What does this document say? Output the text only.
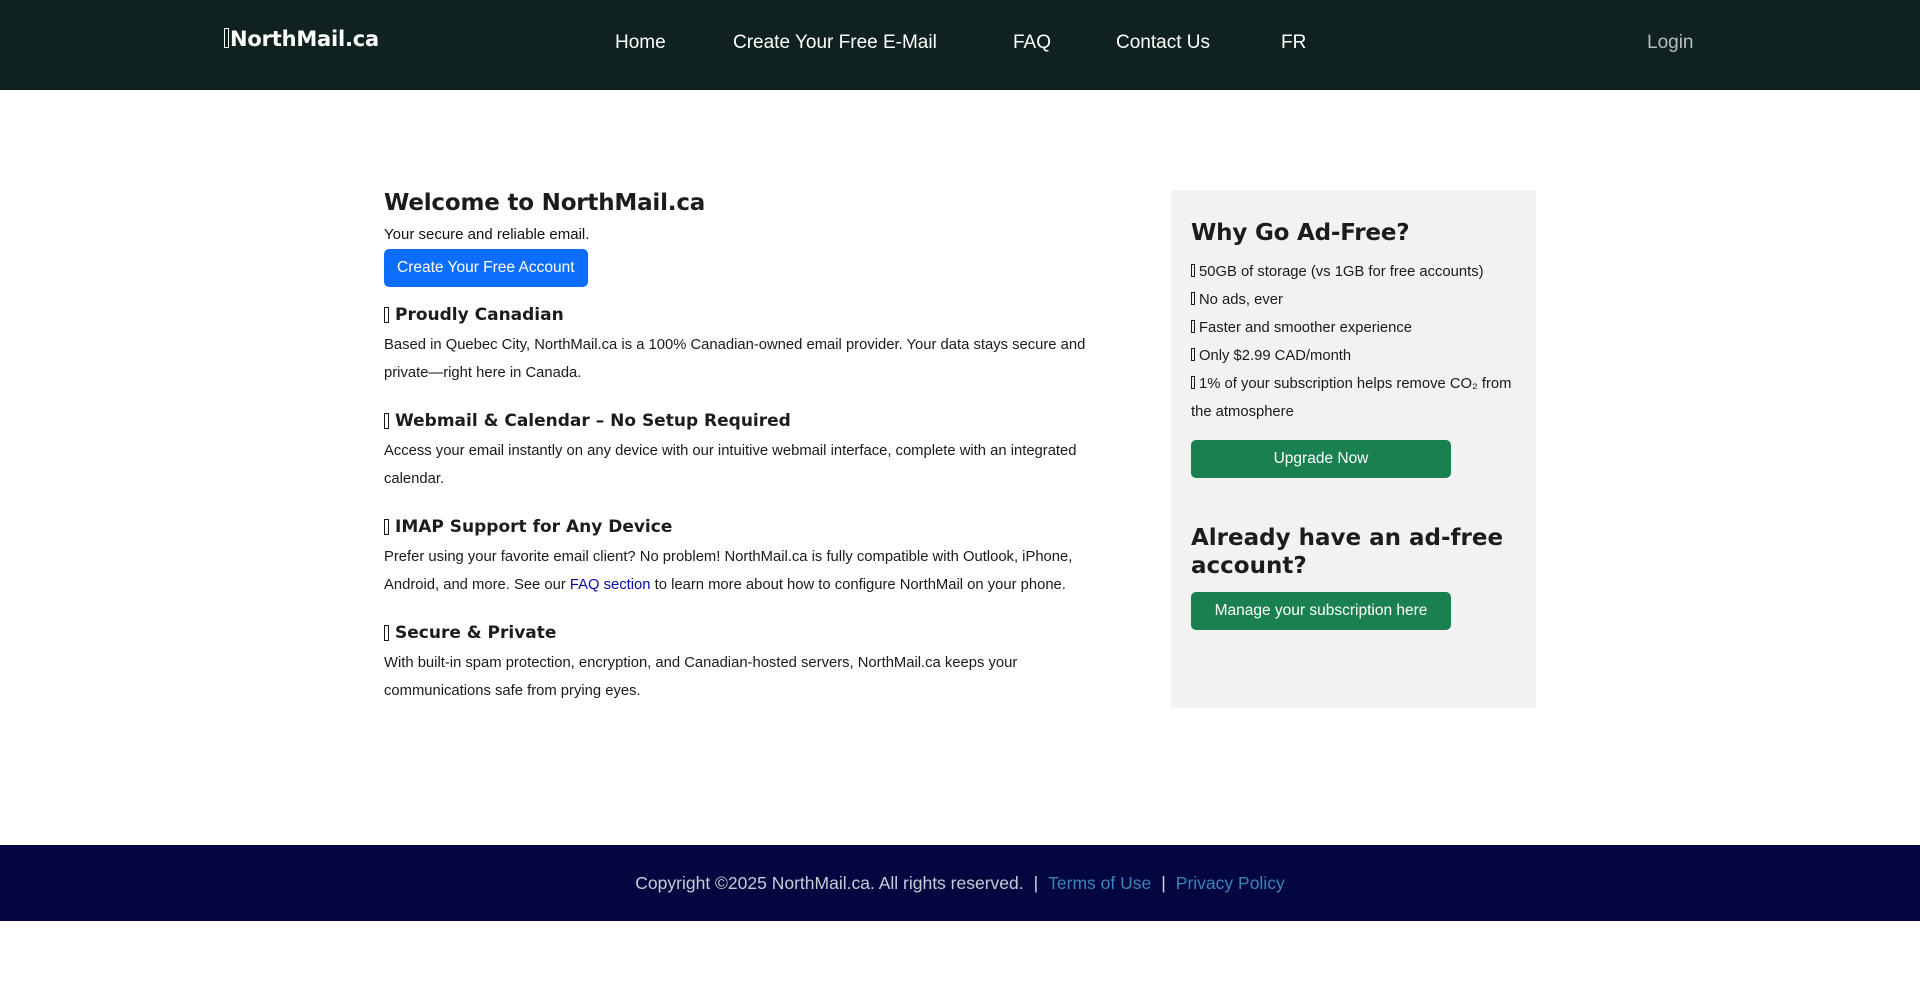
NorthMail.ca	Home	Create Your Free E-Mail	FAQ	Contact Us	FR	Login
Welcome to NorthMail.ca

Your secure and reliable email.

Create Your Free Account
Proudly Canadian

Based in Quebec City, NorthMail.ca is a 100% Canadian-owned email provider. Your data stays secure and private—right here in Canada.

Webmail & Calendar – No Setup Required

Access your email instantly on any device with our intuitive webmail interface, complete with an integrated calendar.

IMAP Support for Any Device

Prefer using your favorite email client? No problem! NorthMail.ca is fully compatible with Outlook, iPhone, Android, and more. See our FAQ section to learn more about how to configure NorthMail on your phone.

Secure & Private

With built-in spam protection, encryption, and Canadian-hosted servers, NorthMail.ca keeps your communications safe from prying eyes.

Why Go Ad-Free?
50GB of storage (vs 1GB for free accounts)
No ads, ever
Faster and smoother experience
Only $2.99 CAD/month
1% of your subscription helps remove CO₂ from the atmosphere
Upgrade Now
Already have an ad-free account?
Manage your subscription here
Copyright ©2025 NorthMail.ca. All rights reserved. | Terms of Use | Privacy Policy
